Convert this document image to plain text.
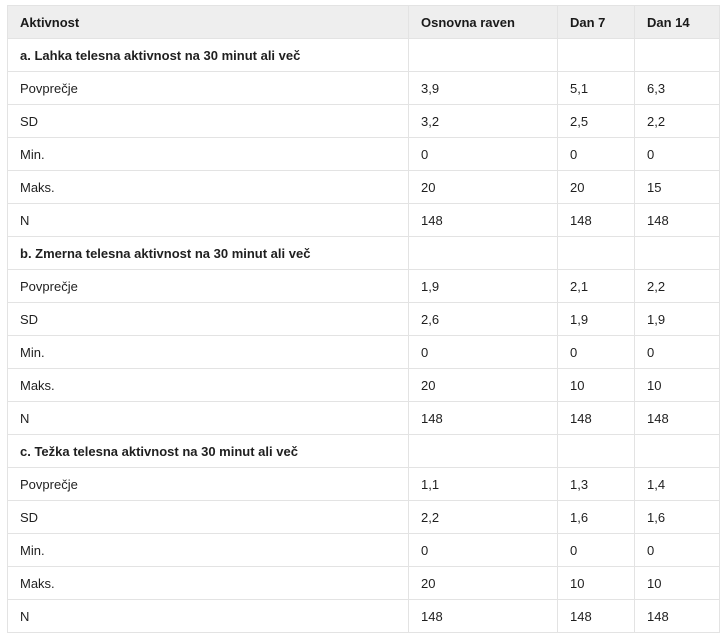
Aktivnost	Osnovna raven	Dan 7	Dan 14
a. Lahka telesna aktivnost na 30 minut ali več			
Povprečje	3,9	5,1	6,3
SD	3,2	2,5	2,2
Min.	0	0	0
Maks.	20	20	15
N	148	148	148
b. Zmerna telesna aktivnost na 30 minut ali več			
Povprečje	1,9	2,1	2,2
SD	2,6	1,9	1,9
Min.	0	0	0
Maks.	20	10	10
N	148	148	148
c. Težka telesna aktivnost na 30 minut ali več			
Povprečje	1,1	1,3	1,4
SD	2,2	1,6	1,6
Min.	0	0	0
Maks.	20	10	10
N	148	148	148
